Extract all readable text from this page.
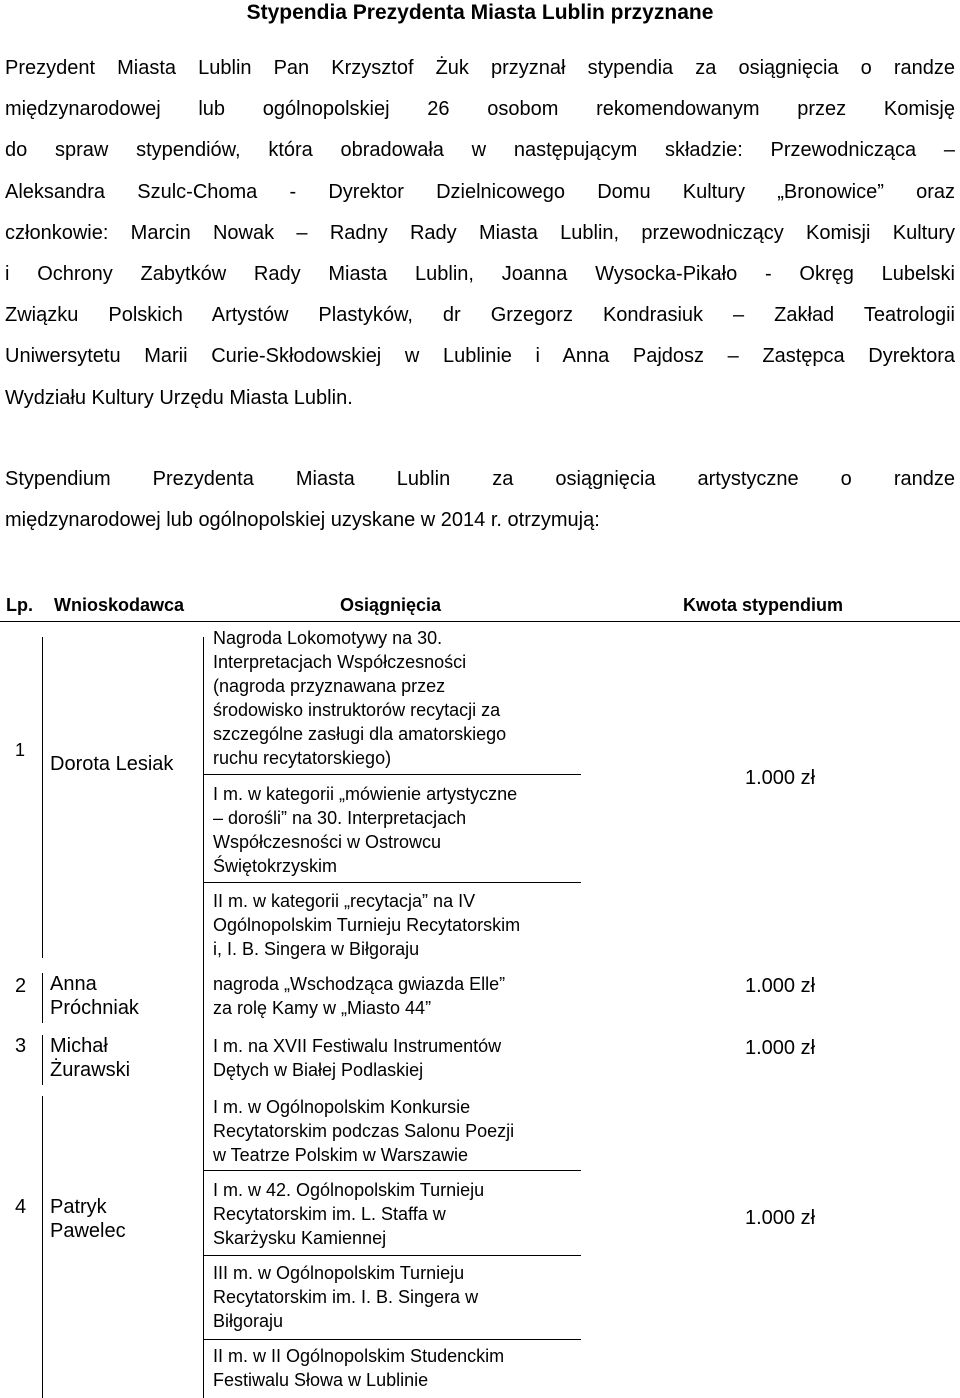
Stypendia Prezydenta Miasta Lublin przyznane
Prezydent Miasta Lublin Pan Krzysztof Żuk przyznał stypendia za osiągnięcia o randze
międzynarodowej lub ogólnopolskiej 26 osobom rekomendowanym przez Komisję
do spraw stypendiów, która obradowała w następującym składzie: Przewodnicząca –
Aleksandra Szulc-Choma - Dyrektor Dzielnicowego Domu Kultury „Bronowice” oraz
członkowie: Marcin Nowak – Radny Rady Miasta Lublin, przewodniczący Komisji Kultury
i Ochrony Zabytków Rady Miasta Lublin, Joanna Wysocka-Pikało - Okręg Lubelski
Związku Polskich Artystów Plastyków, dr Grzegorz Kondrasiuk – Zakład Teatrologii
Uniwersytetu Marii Curie-Skłodowskiej w Lublinie i Anna Pajdosz – Zastępca Dyrektora
Wydziału Kultury Urzędu Miasta Lublin.
Stypendium Prezydenta Miasta Lublin za osiągnięcia artystyczne o randze
międzynarodowej lub ogólnopolskiej uzyskane w 2014 r. otrzymują:
Lp. Wnioskodawca	Osiągnięcia	Kwota stypendium
1
Dorota Lesiak
1.000 zł
Nagroda Lokomotywy na 30.
Interpretacjach Współczesności
(nagroda przyznawana przez
środowisko instruktorów recytacji za
szczególne zasługi dla amatorskiego
ruchu recytatorskiego)
I m. w kategorii „mówienie artystyczne
– dorośli” na 30. Interpretacjach
Współczesności w Ostrowcu
Świętokrzyskim
II m. w kategorii „recytacja” na IV
Ogólnopolskim Turnieju Recytatorskim
i, I. B. Singera w Biłgoraju
2 Anna
Próchniak
1.000 zł
nagroda „Wschodząca gwiazda Elle”
za rolę Kamy w „Miasto 44”
3 Michał
Żurawski
1.000 zł
I m. na XVII Festiwalu Instrumentów
Dętych w Białej Podlaskiej
4 Patryk
Pawelec
1.000 zł
I m. w Ogólnopolskim Konkursie
Recytatorskim podczas Salonu Poezji
w Teatrze Polskim w Warszawie
I m. w 42. Ogólnopolskim Turnieju
Recytatorskim im. L. Staffa w
Skarżysku Kamiennej
III m. w Ogólnopolskim Turnieju
Recytatorskim im. I. B. Singera w
Biłgoraju
II m. w II Ogólnopolskim Studenckim
Festiwalu Słowa w Lublinie
